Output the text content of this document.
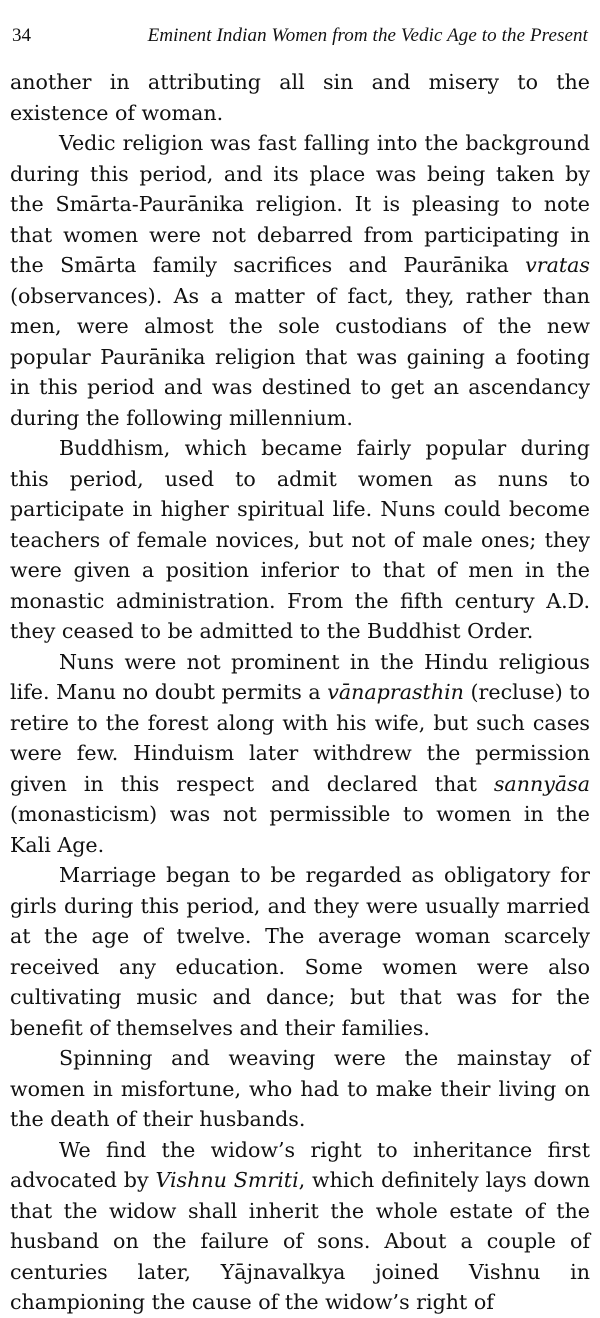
34	Eminent Indian Women from the Vedic Age to the Present

another in attributing all sin and misery to the existence of woman.

Vedic religion was fast falling into the background during this period, and its place was being taken by the Smārta-Paurānika religion. It is pleasing to note that women were not debarred from participating in the Smārta family sacrifices and Paurānika vratas (observances). As a matter of fact, they, rather than men, were almost the sole custodians of the new popular Paurānika religion that was gaining a footing in this period and was destined to get an ascendancy during the following millennium.

Buddhism, which became fairly popular during this period, used to admit women as nuns to participate in higher spiritual life. Nuns could become teachers of female novices, but not of male ones; they were given a position inferior to that of men in the monastic administration. From the fifth century A.D. they ceased to be admitted to the Buddhist Order.

Nuns were not prominent in the Hindu religious life. Manu no doubt permits a vānaprasthin (recluse) to retire to the forest along with his wife, but such cases were few. Hinduism later withdrew the permission given in this respect and declared that sannyāsa (monasticism) was not permissible to women in the Kali Age.

Marriage began to be regarded as obligatory for girls during this period, and they were usually married at the age of twelve. The average woman scarcely received any education. Some women were also cultivating music and dance; but that was for the benefit of themselves and their families.

Spinning and weaving were the mainstay of women in misfortune, who had to make their living on the death of their husbands.

We find the widow’s right to inheritance first advocated by Vishnu Smriti, which definitely lays down that the widow shall inherit the whole estate of the husband on the failure of sons. About a couple of centuries later, Yājnavalkya joined Vishnu in championing the cause of the widow’s right of
